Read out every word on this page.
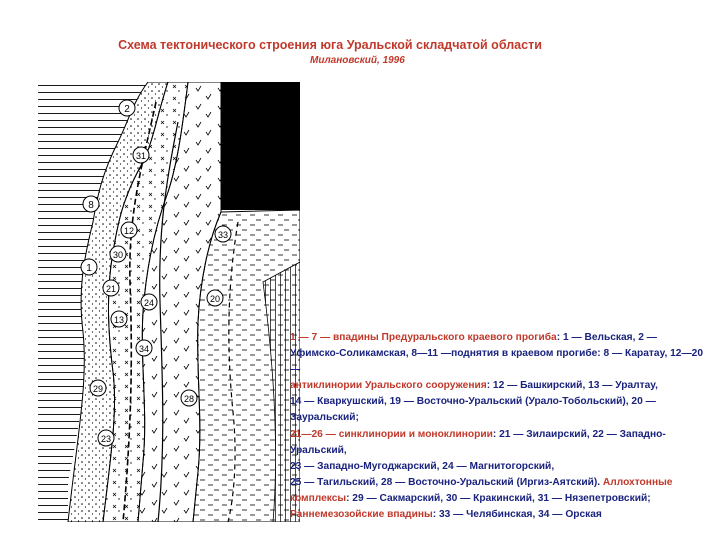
Схема тектонического строения юга Уральской складчатой области
Милановский, 1996
2
31
8
33
12
30
1
21
20
24
13
34
29
28
23
1 — 7 — впадины Предуральского краевого прогиба: 1 — Вельская, 2 —
Уфимско-Соликамская, 8—11 —поднятия в краевом прогибе: 8 — Каратау, 12—20 —
антиклинории Уральского сооружения: 12 — Башкирский, 13 — Уралтау,
14 — Кваркушский, 19 — Восточно-Уральский (Урало-Тобольский), 20 — Зауральский;
21—26 — синклинории и моноклинории: 21 — Зилаирский, 22 — Западно-Уральский,
23 — Западно-Мугоджарский, 24 — Магнитогорский,
25 — Тагильский, 28 — Восточно-Уральский (Иргиз-Аятский). Аллохтонные
комплексы: 29 — Сакмарский, 30 — Кракинский, 31 — Нязепетровский;
Раннемезозойские впадины: 33 — Челябинская, 34 — Орская
